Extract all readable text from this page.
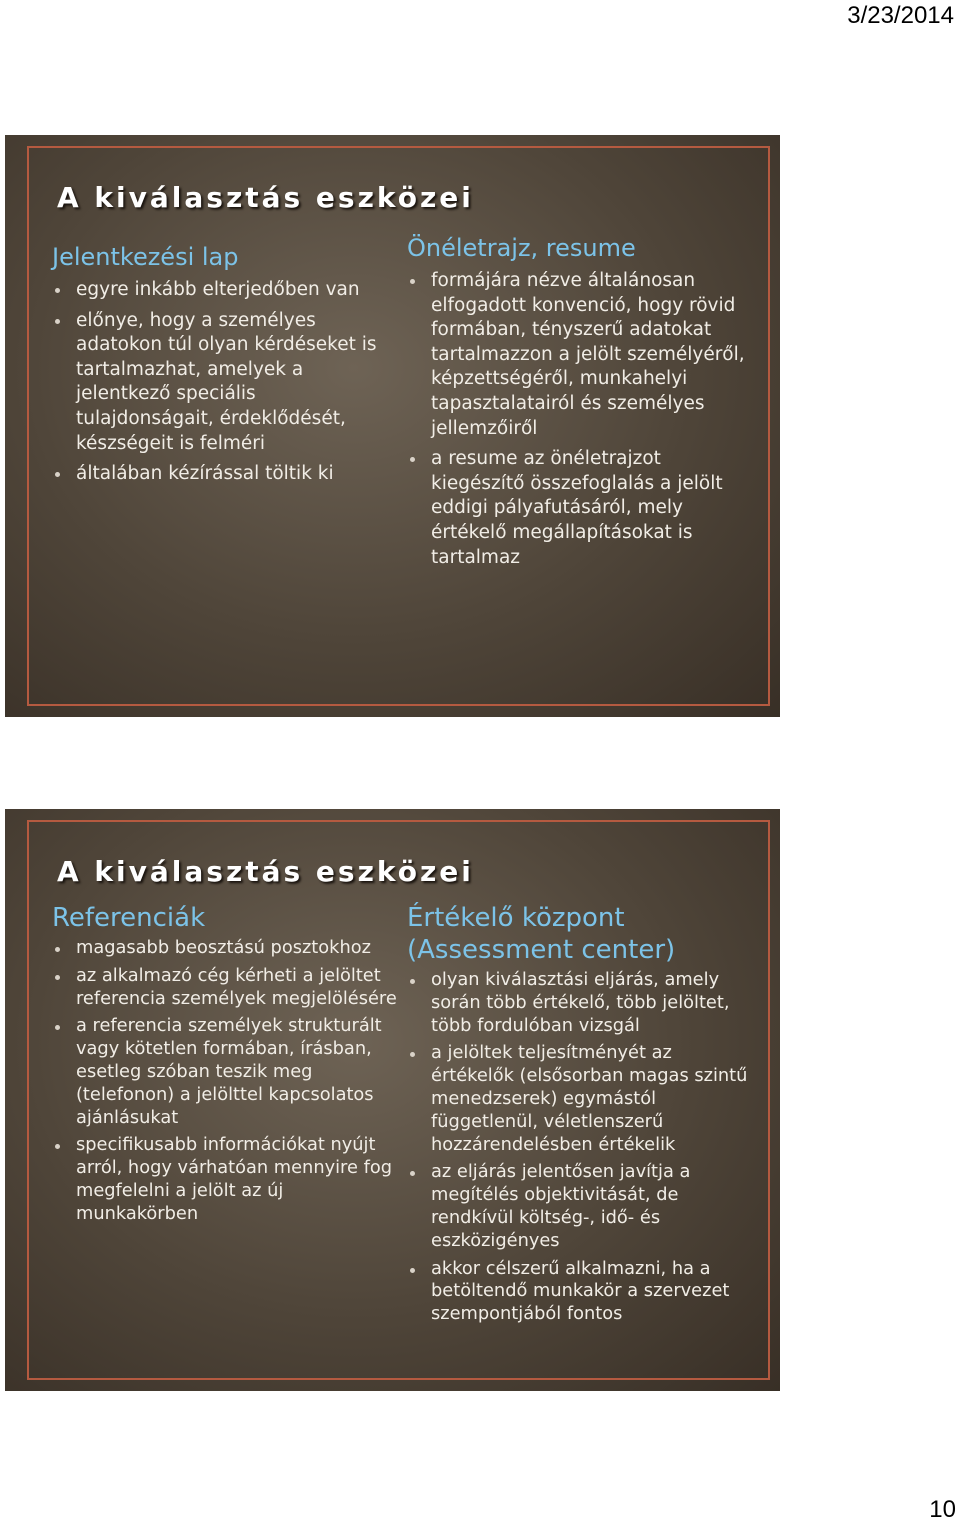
3/23/2014
A kiválasztás eszközei
Jelentkezési lap
egyre inkább elterjedőben van
előnye, hogy a személyes adatokon túl olyan kérdéseket is tartalmazhat, amelyek a jelentkező speciális tulajdonságait, érdeklődését, készségeit is felméri
általában kézírással töltik ki
Önéletrajz, resume
formájára nézve általánosan elfogadott konvenció, hogy rövid formában, tényszerű adatokat tartalmazzon a jelölt személyéről, képzettségéről, munkahelyi tapasztalatairól és személyes jellemzőiről
a resume az önéletrajzot kiegészítő összefoglalás a jelölt eddigi pályafutásáról, mely értékelő megállapításokat is tartalmaz
A kiválasztás eszközei
Referenciák
magasabb beosztású posztokhoz
az alkalmazó cég kérheti a jelöltet referencia személyek megjelölésére
a referencia személyek strukturált vagy kötetlen formában, írásban, esetleg szóban teszik meg (telefonon) a jelölttel kapcsolatos ajánlásukat
specifikusabb információkat nyújt arról, hogy várhatóan mennyire fog megfelelni a jelölt az új munkakörben
Értékelő központ (Assessment center)
olyan kiválasztási eljárás, amely során több értékelő, több jelöltet, több fordulóban vizsgál
a jelöltek teljesítményét az értékelők (elsősorban magas szintű menedzserek) egymástól függetlenül, véletlenszerű hozzárendelésben értékelik
az eljárás jelentősen javítja a megítélés objektivitását, de rendkívül költség-, idő- és eszközigényes
akkor célszerű alkalmazni, ha a betöltendő munkakör a szervezet szempontjából fontos
10
